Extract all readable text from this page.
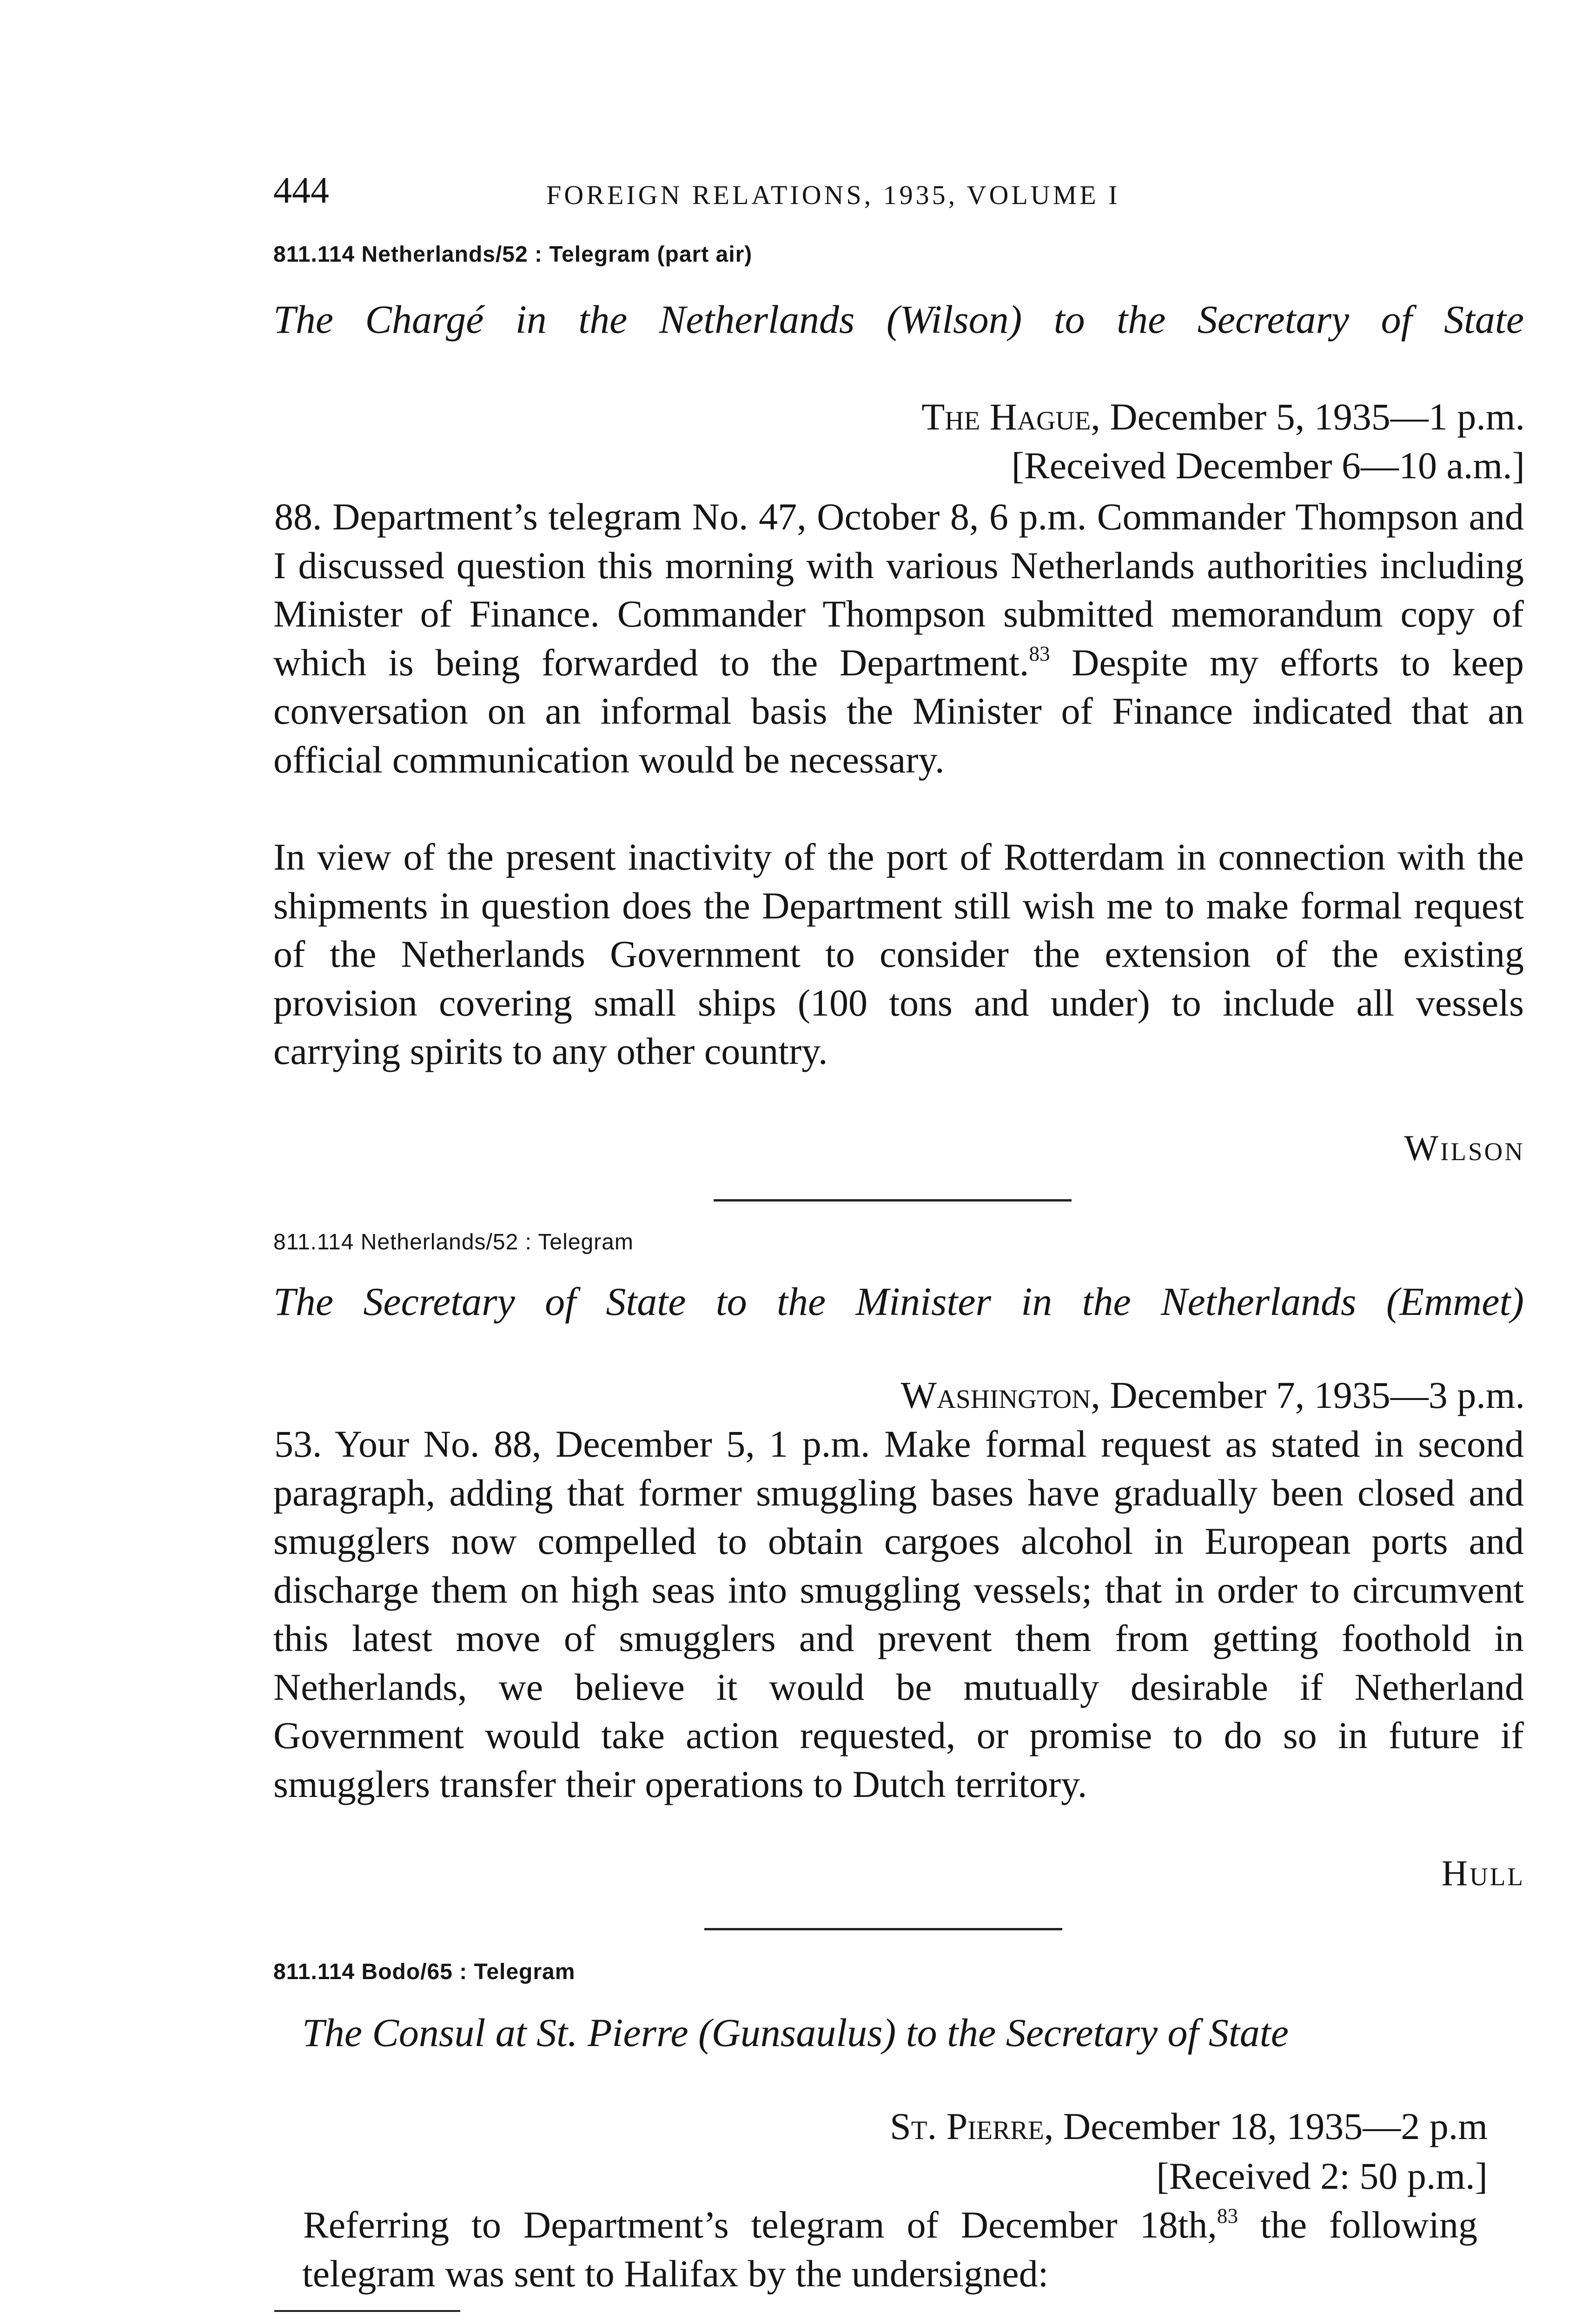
444	FOREIGN RELATIONS, 1935, VOLUME I
811.114 Netherlands/52 : Telegram (part air)
The Chargé in the Netherlands (Wilson) to the Secretary of State
The Hague, December 5, 1935—1 p.m.
[Received December 6—10 a.m.]
88. Department’s telegram No. 47, October 8, 6 p.m. Commander Thompson and I discussed question this morning with various Netherlands authorities including Minister of Finance. Commander Thompson submitted memorandum copy of which is being forwarded to the Department.$^{83}$ Despite my efforts to keep conversation on an informal basis the Minister of Finance indicated that an official communication would be necessary.
In view of the present inactivity of the port of Rotterdam in connection with the shipments in question does the Department still wish me to make formal request of the Netherlands Government to consider the extension of the existing provision covering small ships (100 tons and under) to include all vessels carrying spirits to any other country.
Wilson
811.114 Netherlands/52 : Telegram
The Secretary of State to the Minister in the Netherlands (Emmet)
Washington, December 7, 1935—3 p.m.
53. Your No. 88, December 5, 1 p.m. Make formal request as stated in second paragraph, adding that former smuggling bases have gradually been closed and smugglers now compelled to obtain cargoes alcohol in European ports and discharge them on high seas into smuggling vessels; that in order to circumvent this latest move of smugglers and prevent them from getting foothold in Netherlands, we believe it would be mutually desirable if Netherland Government would take action requested, or promise to do so in future if smugglers transfer their operations to Dutch territory.
Hull
811.114 Bodo/65 : Telegram
The Consul at St. Pierre (Gunsaulus) to the Secretary of State
St. Pierre, December 18, 1935—2 p.m
[Received 2: 50 p.m.]
Referring to Department’s telegram of December 18th,$^{83}$ the following telegram was sent to Halifax by the undersigned:
